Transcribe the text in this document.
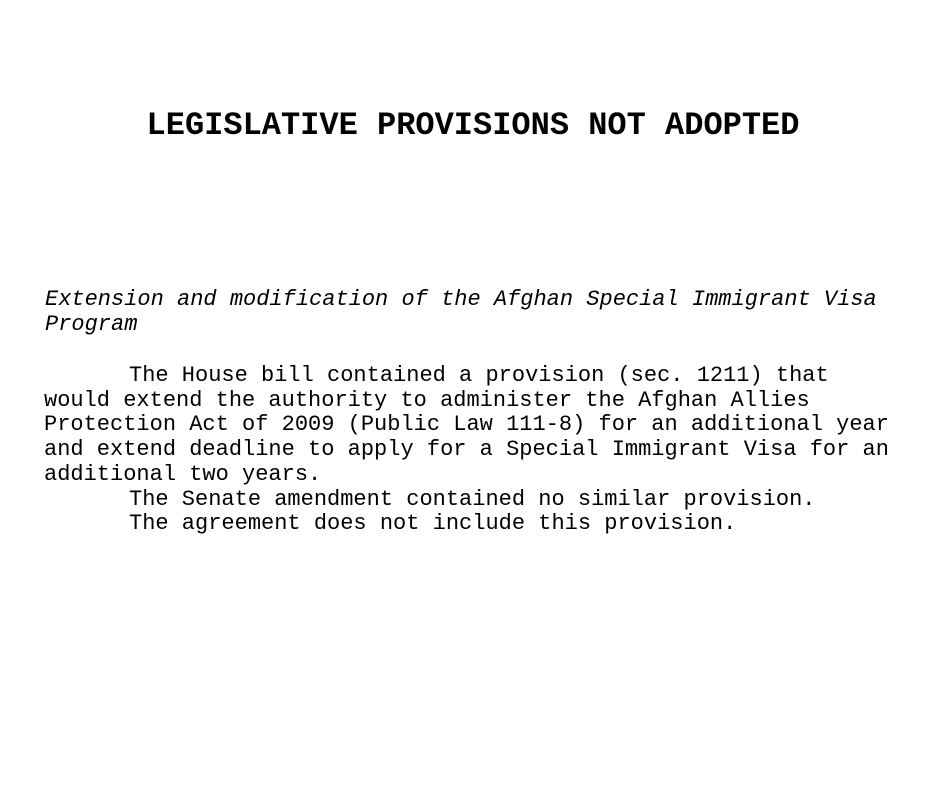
LEGISLATIVE PROVISIONS NOT ADOPTED
Extension and modification of the Afghan Special Immigrant Visa
Program
The House bill contained a provision (sec. 1211) that
would extend the authority to administer the Afghan Allies
Protection Act of 2009 (Public Law 111-8) for an additional year
and extend deadline to apply for a Special Immigrant Visa for an
additional two years.
The Senate amendment contained no similar provision.
The agreement does not include this provision.
